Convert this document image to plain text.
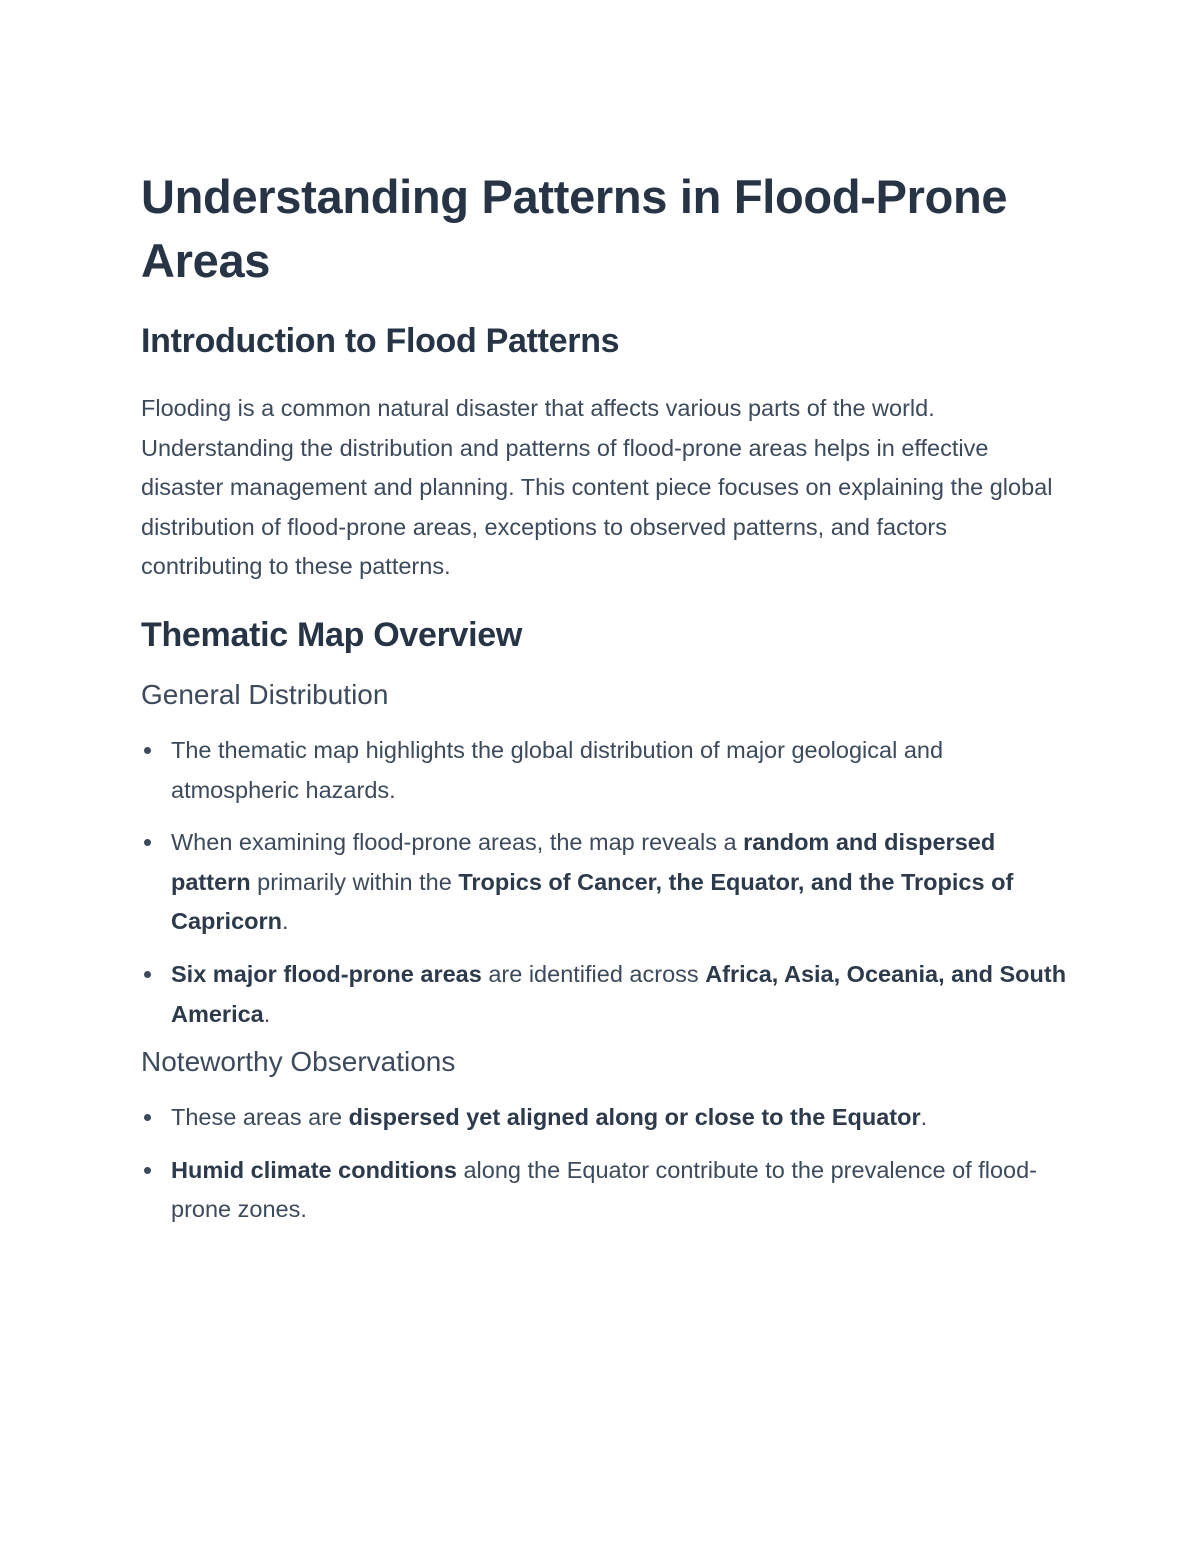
Understanding Patterns in Flood-Prone Areas
Introduction to Flood Patterns

Flooding is a common natural disaster that affects various parts of the world. Understanding the distribution and patterns of flood-prone areas helps in effective disaster management and planning. This content piece focuses on explaining the global distribution of flood-prone areas, exceptions to observed patterns, and factors contributing to these patterns.

Thematic Map Overview
General Distribution
The thematic map highlights the global distribution of major geological and atmospheric hazards.
When examining flood-prone areas, the map reveals a random and dispersed pattern primarily within the Tropics of Cancer, the Equator, and the Tropics of Capricorn.
Six major flood-prone areas are identified across Africa, Asia, Oceania, and South America.
Noteworthy Observations
These areas are dispersed yet aligned along or close to the Equator.
Humid climate conditions along the Equator contribute to the prevalence of flood-prone zones.
